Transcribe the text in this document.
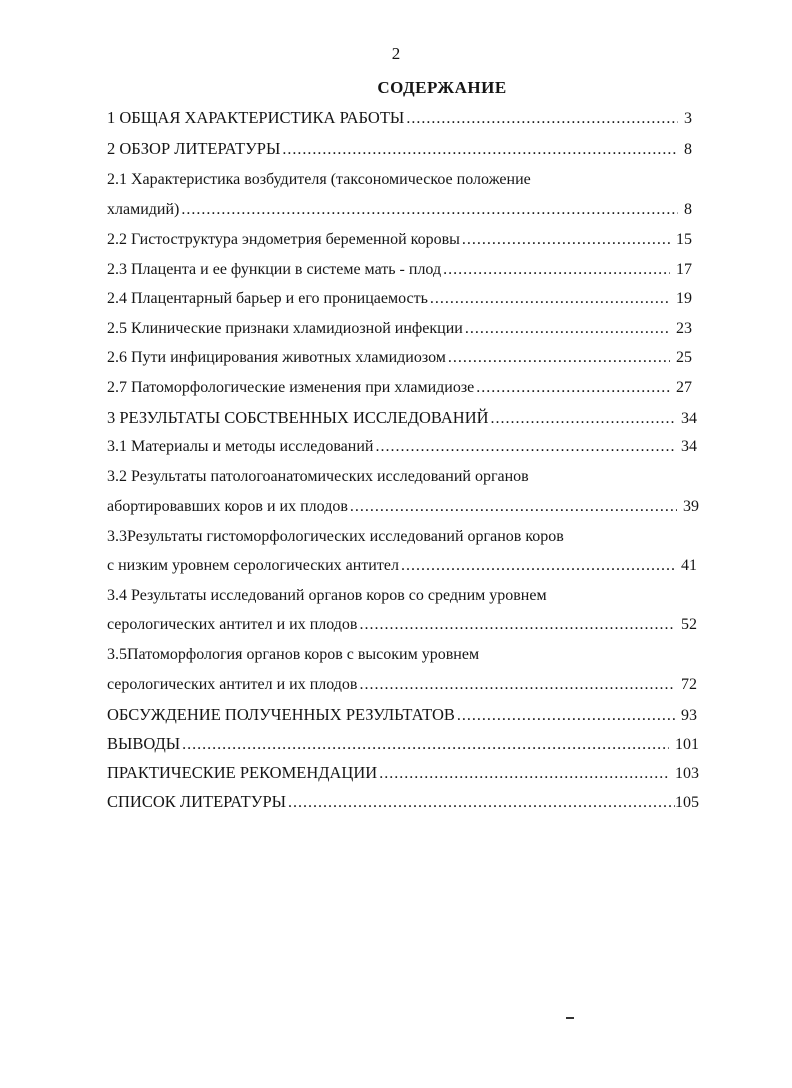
2
СОДЕРЖАНИЕ
1 ОБЩАЯ ХАРАКТЕРИСТИКА РАБОТЫ .....	3
2 ОБЗОР ЛИТЕРАТУРЫ .....	8
2.1 Характеристика возбудителя (таксономическое положение
хламидий) .....	8
2.2 Гистоструктура эндометрия беременной коровы .....	15
2.3 Плацента и ее функции в системе мать - плод .....	17
2.4 Плацентарный барьер и его проницаемость .....	19
2.5 Клинические признаки хламидиозной инфекции .....	23
2.6 Пути инфицирования животных хламидиозом .....	25
2.7 Патоморфологические изменения при хламидиозе .....	27
3 РЕЗУЛЬТАТЫ СОБСТВЕННЫХ ИССЛЕДОВАНИЙ .....	34
3.1 Материалы и методы исследований .....	34
3.2 Результаты патологоанатомических исследований органов
абортировавших коров и их плодов .....	39
3.3Результаты гистоморфологических исследований органов коров
с низким уровнем серологических антител .....	41
3.4 Результаты исследований органов коров со средним уровнем
серологических антител и их плодов .....	52
3.5Патоморфология органов коров с высоким уровнем
серологических антител и их плодов .....	72
ОБСУЖДЕНИЕ ПОЛУЧЕННЫХ РЕЗУЛЬТАТОВ .....	93
ВЫВОДЫ .....	101
ПРАКТИЧЕСКИЕ РЕКОМЕНДАЦИИ .....	103
СПИСОК ЛИТЕРАТУРЫ .....	105
